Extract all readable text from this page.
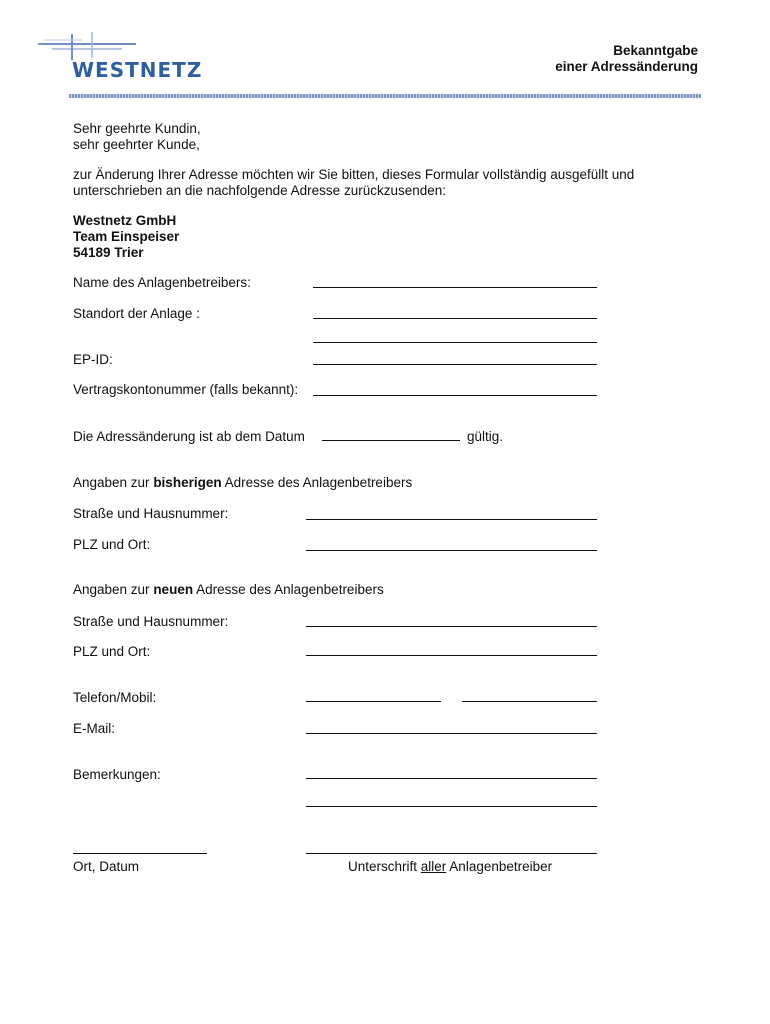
WESTNETZ
Bekanntgabe
einer Adressänderung
Sehr geehrte Kundin,
sehr geehrter Kunde,
zur Änderung Ihrer Adresse möchten wir Sie bitten, dieses Formular vollständig ausgefüllt und
unterschrieben an die nachfolgende Adresse zurückzusenden:
Westnetz GmbH
Team Einspeiser
54189 Trier
Name des Anlagenbetreibers:
Standort der Anlage :
EP-ID:
Vertragskontonummer (falls bekannt):
Die Adressänderung ist ab dem Datum	gültig.
Angaben zur bisherigen Adresse des Anlagenbetreibers
Straße und Hausnummer:
PLZ und Ort:
Angaben zur neuen Adresse des Anlagenbetreibers
Straße und Hausnummer:
PLZ und Ort:
Telefon/Mobil:
E-Mail:
Bemerkungen:
Ort, Datum	Unterschrift aller Anlagenbetreiber
